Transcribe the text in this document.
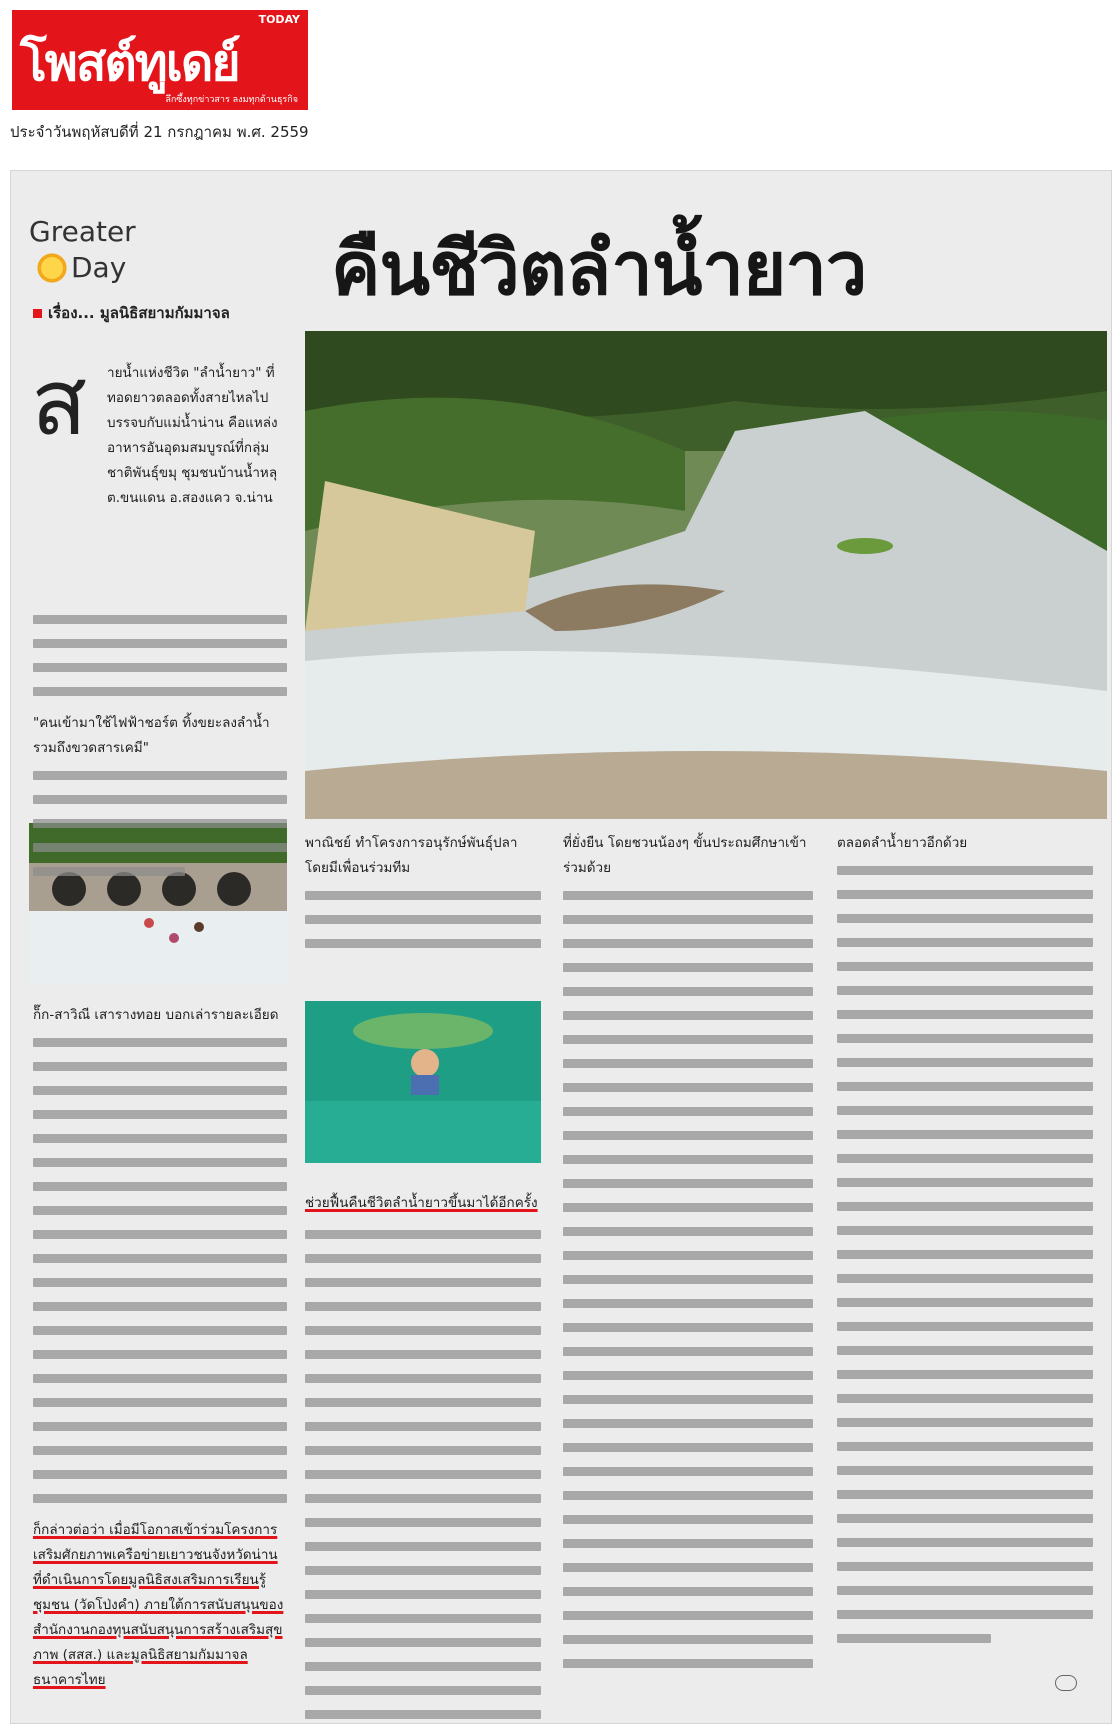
โพสต์ทูเดย์
TODAY
ลึกซึ้งทุกข่าวสาร ลงมทุกด้านธุรกิจ
ประจำวันพฤหัสบดีที่ 21 กรกฎาคม พ.ศ. 2559
Greater
Day
เรื่อง... มูลนิธิสยามกัมมาจล
คืนชีวิตลำน้ำยาว
ส ายน้ำแห่งชีวิต "ลำน้ำยาว" ที่ทอดยาวตลอดทั้งสายไหลไปบรรจบกับแม่น้ำน่าน คือแหล่งอาหารอันอุดมสมบูรณ์ที่กลุ่มชาติพันธุ์ขมุ ชุมชนบ้านน้ำหลุ ต.ขนแดน อ.สองแคว จ.น่าน
"คนเข้ามาใช้ไฟฟ้าชอร์ต ทิ้งขยะลงลำน้ำ รวมถึงขวดสารเคมี"
ก็๊ก-สาวิณี เสารางทอย บอกเล่ารายละเอียด
ก็กล่าวต่อว่า เมื่อมีโอกาสเข้าร่วมโครงการเสริมศักยภาพเครือข่ายเยาวชนจังหวัดน่าน ที่ดำเนินการโดยมูลนิธิสงเสริมการเรียนรู้ชุมชน (วัดโป่งคำ) ภายใต้การสนับสนุนของสำนักงานกองทุนสนับสนุนการสร้างเสริมสุขภาพ (สสส.) และมูลนิธิสยามกัมมาจล ธนาคารไทย
พาณิชย์ ทำโครงการอนุรักษ์พันธุ์ปลาโดยมีเพื่อนร่วมทีม
ช่วยฟื้นคืนชีวิตลำน้ำยาวขึ้นมาได้อีกครั้ง
ที่ยั่งยืน โดยชวนน้องๆ ขั้นประถมศึกษาเข้าร่วมด้วย
ตลอดลำน้ำยาวอีกด้วย
